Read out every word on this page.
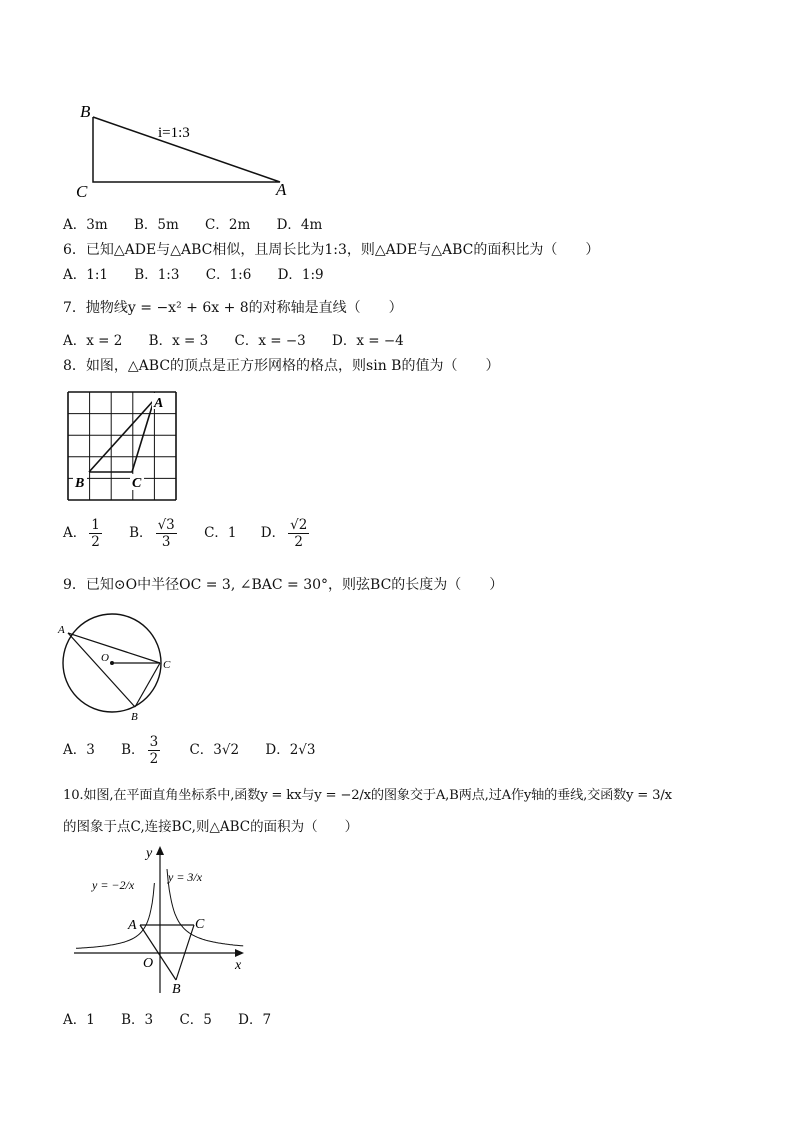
B
C	A
i=1:3
A．3m B．5m C．2m D．4m
6．已知△ADE与△ABC相似，且周长比为1:3，则△ADE与△ABC的面积比为（　　）
A．1:1 B．1:3 C．1:6 D．1:9
7．抛物线y = −x² + 6x + 8的对称轴是直线（　　）
A．x = 2 B．x = 3 C．x = −3 D．x = −4
8．如图，△ABC的顶点是正方形网格的格点，则sin B的值为（　　）
A
B	C
A． $\frac{1}{2}$ B． $\frac{√3}{3}$ C．1 D． $\frac{√2}{2}$
9．已知⊙O中半径OC = 3, ∠BAC = 30°，则弦BC的长度为（　　）
A
O
C
B
A．3 B． $\frac{3}{2}$ C．3√2 D．2√3
10.如图,在平面直角坐标系中,函数y = kx与y = −2/x的图象交于A,B两点,过A作y轴的垂线,交函数y = 3/x
的图象于点C,连接BC,则△ABC的面积为（　　）
y
x
O
A	C
B
y = −2/x
y = 3/x
A．1 B．3 C．5 D．7
